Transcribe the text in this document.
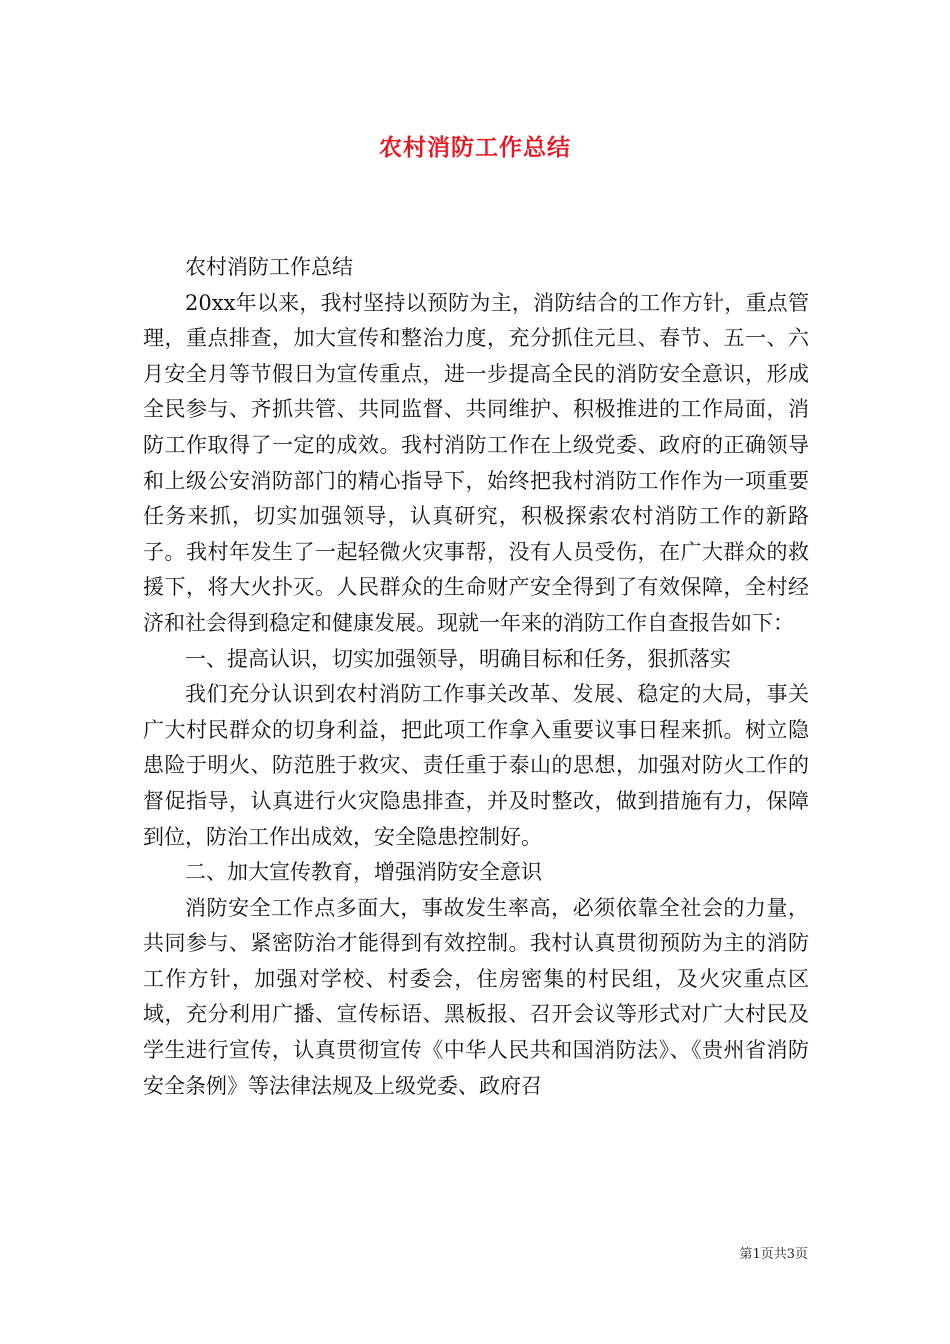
农村消防工作总结

农村消防工作总结

20xx年以来，我村坚持以预防为主，消防结合的工作方针，重点管理，重点排查，加大宣传和整治力度，充分抓住元旦、春节、五一、六月安全月等节假日为宣传重点，进一步提高全民的消防安全意识，形成全民参与、齐抓共管、共同监督、共同维护、积极推进的工作局面，消防工作取得了一定的成效。我村消防工作在上级党委、政府的正确领导和上级公安消防部门的精心指导下，始终把我村消防工作作为一项重要任务来抓，切实加强领导，认真研究，积极探索农村消防工作的新路子。我村年发生了一起轻微火灾事帮，没有人员受伤，在广大群众的救援下，将大火扑灭。人民群众的生命财产安全得到了有效保障，全村经济和社会得到稳定和健康发展。现就一年来的消防工作自查报告如下：

一、提高认识，切实加强领导，明确目标和任务，狠抓落实

我们充分认识到农村消防工作事关改革、发展、稳定的大局，事关广大村民群众的切身利益，把此项工作拿入重要议事日程来抓。树立隐患险于明火、防范胜于救灾、责任重于泰山的思想，加强对防火工作的督促指导，认真进行火灾隐患排查，并及时整改，做到措施有力，保障到位，防治工作出成效，安全隐患控制好。

二、加大宣传教育，增强消防安全意识

消防安全工作点多面大，事故发生率高，必须依靠全社会的力量，共同参与、紧密防治才能得到有效控制。我村认真贯彻预防为主的消防工作方针，加强对学校、村委会，住房密集的村民组，及火灾重点区域，充分利用广播、宣传标语、黑板报、召开会议等形式对广大村民及学生进行宣传，认真贯彻宣传《中华人民共和国消防法》、《贵州省消防安全条例》等法律法规及上级党委、政府召

第1页共3页
